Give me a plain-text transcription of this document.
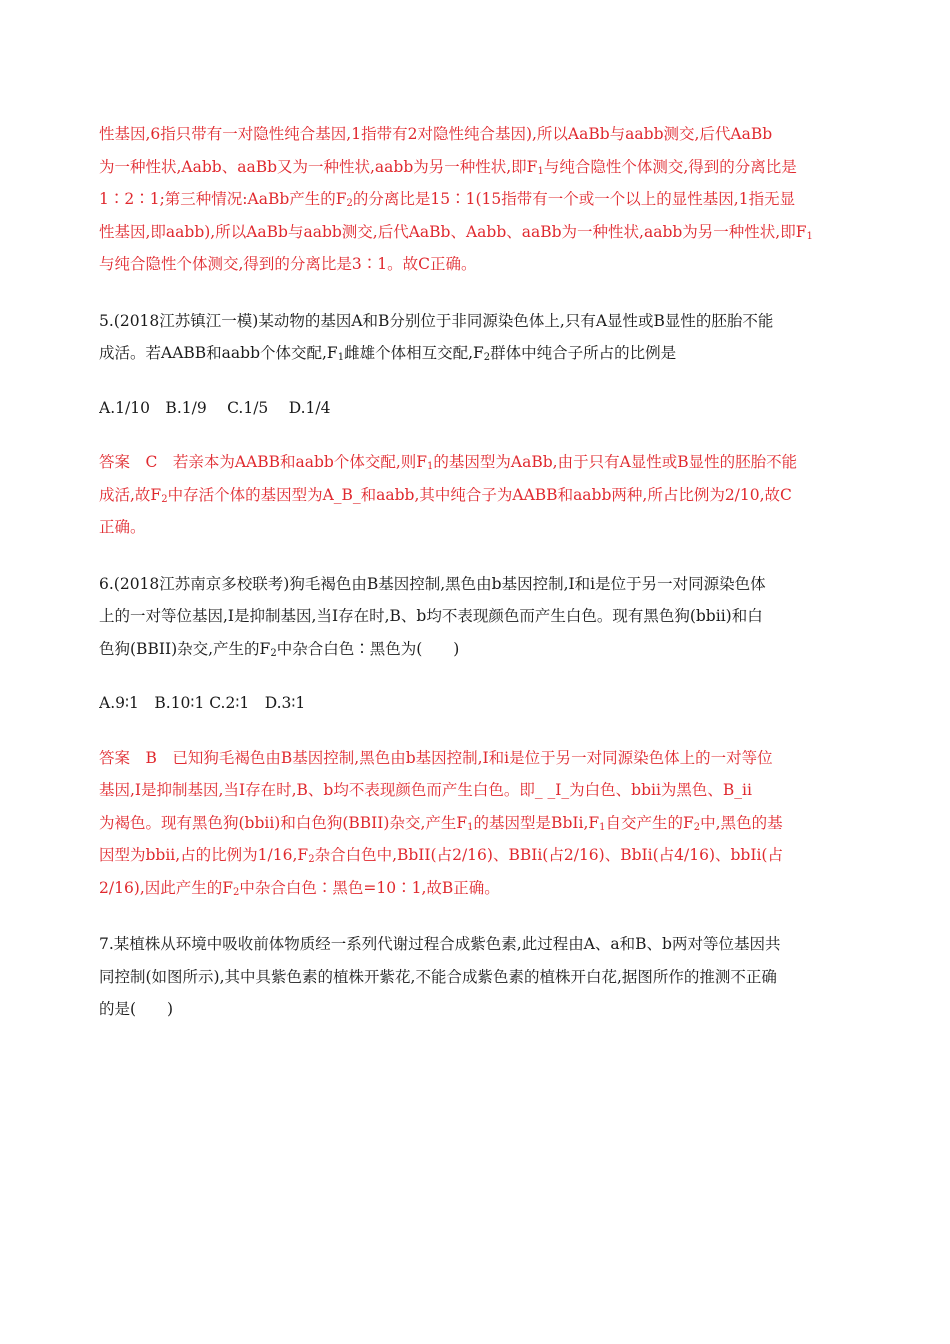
性基因,6指只带有一对隐性纯合基因,1指带有2对隐性纯合基因),所以AaBb与aabb测交,后代AaBb
为一种性状,Aabb、aaBb又为一种性状,aabb为另一种性状,即$F_1$与纯合隐性个体测交,得到的分离比是
1∶2∶1;第三种情况:AaBb产生的$F_2$的分离比是15∶1(15指带有一个或一个以上的显性基因,1指无显
性基因,即aabb),所以AaBb与aabb测交,后代AaBb、Aabb、aaBb为一种性状,aabb为另一种性状,即$F_1$
与纯合隐性个体测交,得到的分离比是3∶1。故C正确。
5.(2018江苏镇江一模)某动物的基因A和B分别位于非同源染色体上,只有A显性或B显性的胚胎不能
成活。若AABB和aabb个体交配$,F_1$雌雄个体相互交配$,F_2$群体中纯合子所占的比例是
A.1/10　B.1/9　 C.1/5　 D.1/4
答案　C　若亲本为AABB和aabb个体交配,则$F_1$的基因型为AaBb,由于只有A显性或B显性的胚胎不能
成活,故$F_2$中存活个体的基因型为A_B_和aabb,其中纯合子为AABB和aabb两种,所占比例为2/10,故C
正确。
6.(2018江苏南京多校联考)狗毛褐色由B基因控制,黑色由b基因控制,I和i是位于另一对同源染色体
上的一对等位基因,I是抑制基因,当I存在时,B、b均不表现颜色而产生白色。现有黑色狗(bbii)和白
色狗(BBII)杂交,产生的$F_2$中杂合白色∶黑色为(　　)
A.9∶1　B.10∶1 C.2∶1　D.3∶1
答案　B　已知狗毛褐色由B基因控制,黑色由b基因控制,I和i是位于另一对同源染色体上的一对等位
基因,I是抑制基因,当I存在时,B、b均不表现颜色而产生白色。即_ _I_为白色、bbii为黑色、B_ii
为褐色。现有黑色狗(bbii)和白色狗(BBII)杂交,产生$F_1$的基因型是$BbIi,F_1$自交产生的$F_2$中,黑色的基
因型为bbii,占的比例为$1/16,F_2$杂合白色中,BbII(占2/16)、BBIi(占2/16)、BbIi(占4/16)、bbIi(占
2/16),因此产生的$F_2$中杂合白色∶黑色=10∶1,故B正确。
7.某植株从环境中吸收前体物质经一系列代谢过程合成紫色素,此过程由A、a和B、b两对等位基因共
同控制(如图所示),其中具紫色素的植株开紫花,不能合成紫色素的植株开白花,据图所作的推测不正确
的是(　　)
